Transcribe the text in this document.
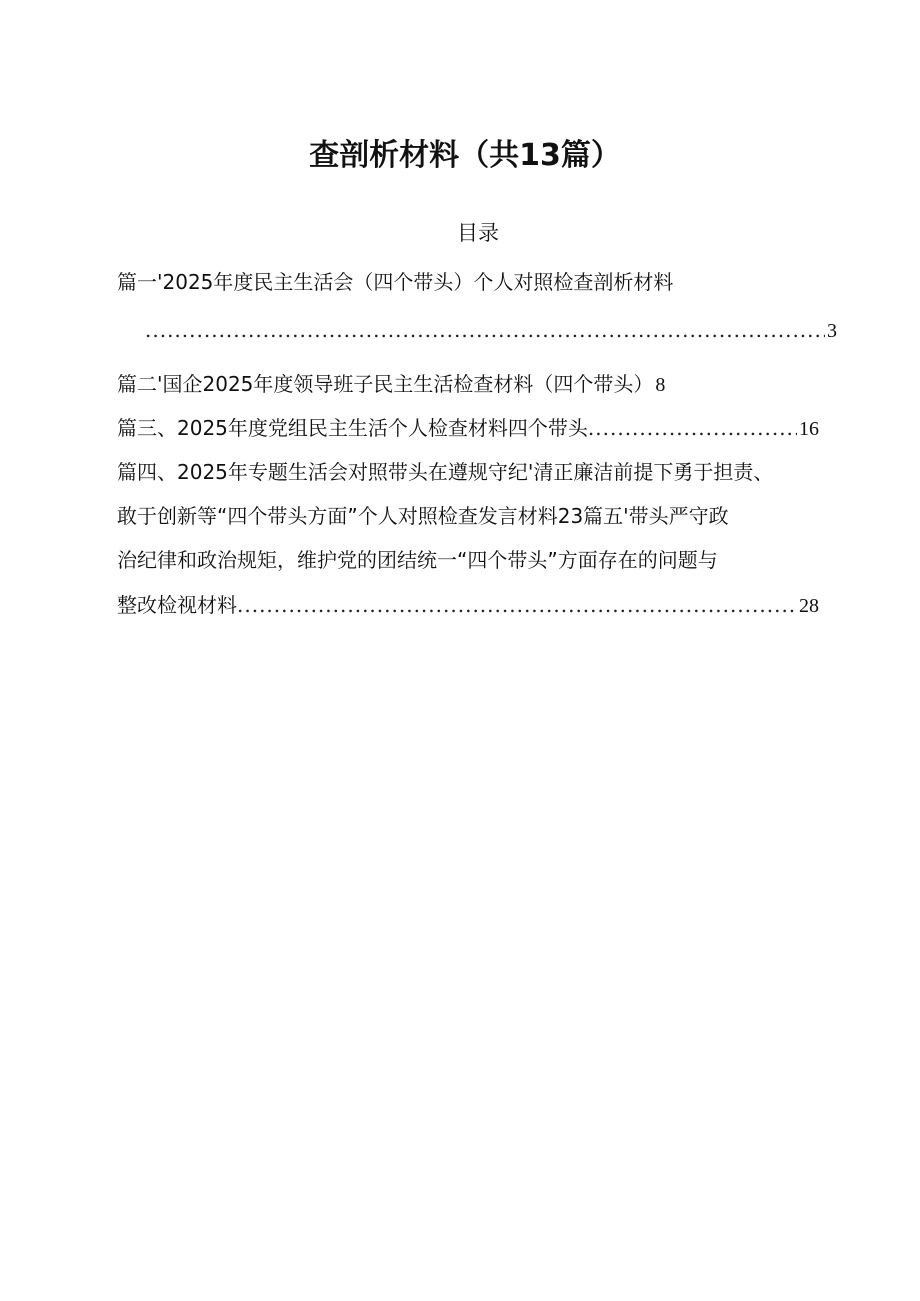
查剖析材料（共13篇）
目录
篇一'2025年度民主生活会（四个带头）个人对照检查剖析材料
.....
3
篇二'国企2025年度领导班子民主生活检查材料（四个带头） 8
篇三、2025年度党组民主生活个人检查材料四个带头 .....	16
篇四、2025年专题生活会对照带头在遵规守纪'清正廉洁前提下勇于担责、
敢于创新等“四个带头方面”个人对照检查发言材料23篇五'带头严守政
治纪律和政治规矩，维护党的团结统一“四个带头”方面存在的问题与
整改检视材料 .....	28
